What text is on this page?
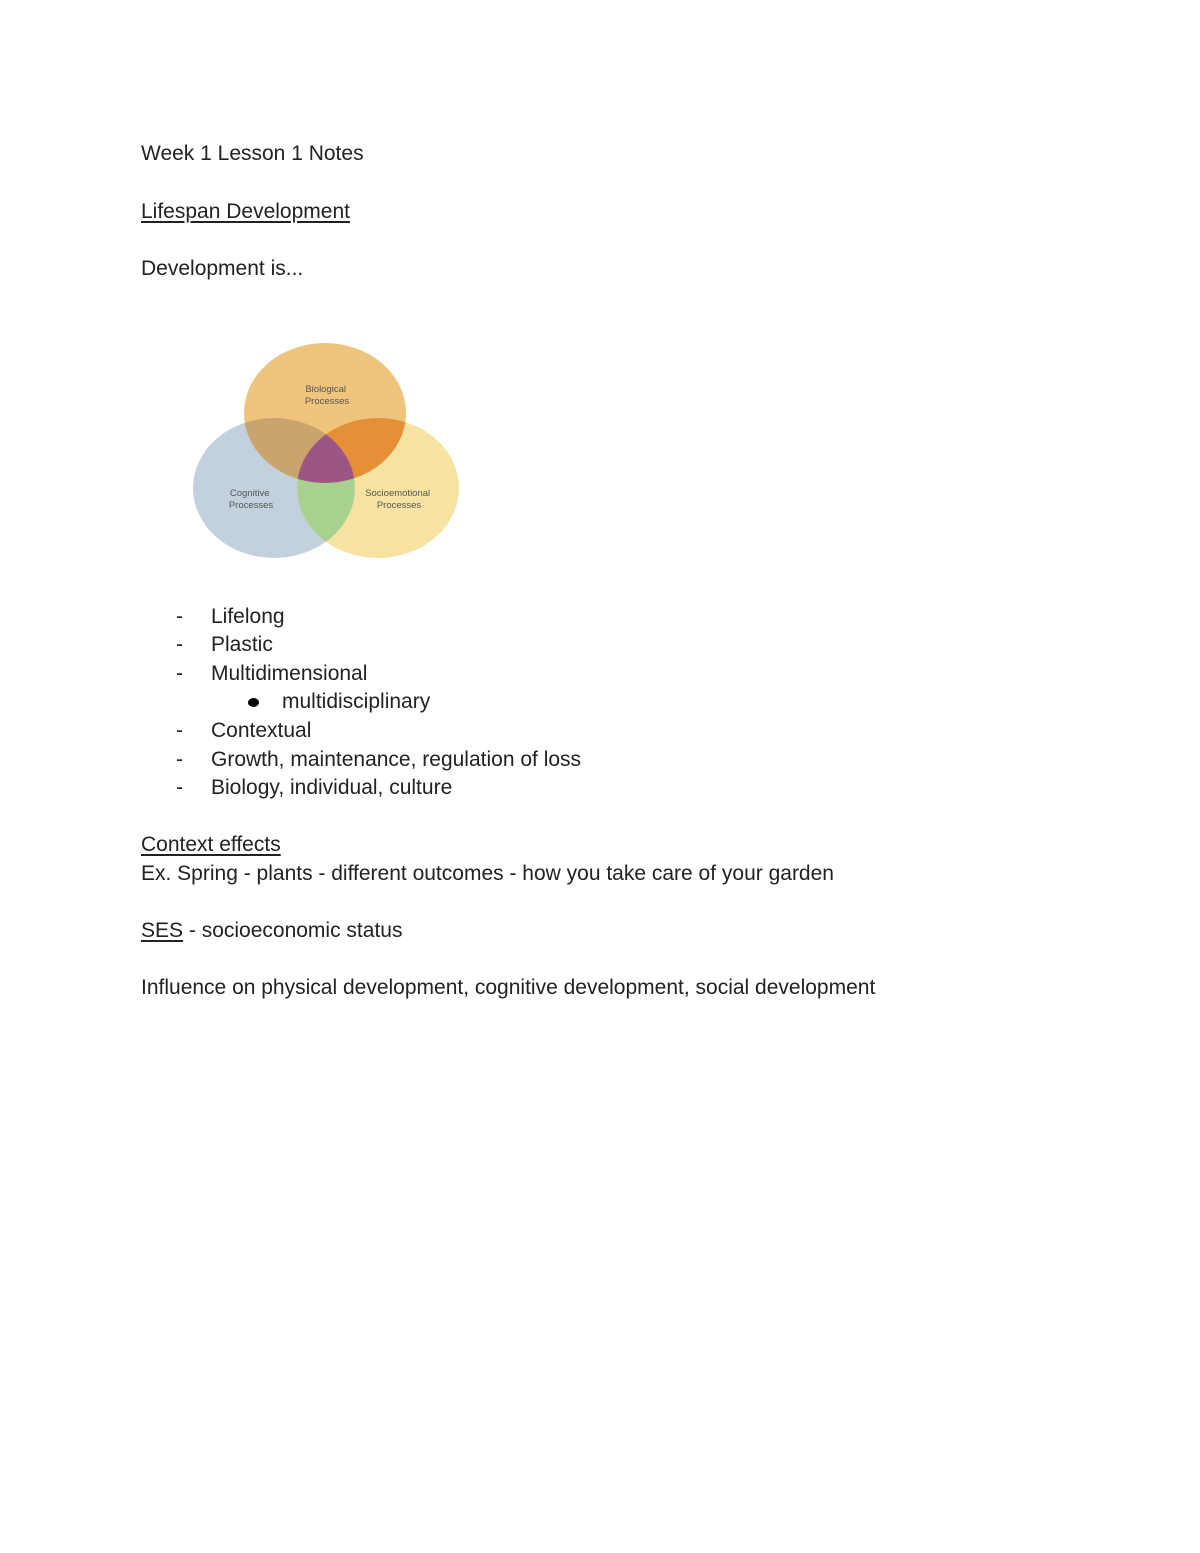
Week 1 Lesson 1 Notes
Lifespan Development
Development is...
Biological Processes
Cognitive Processes
Socioemotional Processes
-	Lifelong
-	Plastic
-	Multidimensional
multidisciplinary
-	Contextual
-	Growth, maintenance, regulation of loss
-	Biology, individual, culture
Context effects
Ex. Spring - plants - different outcomes - how you take care of your garden
SES - socioeconomic status
Influence on physical development, cognitive development, social development
